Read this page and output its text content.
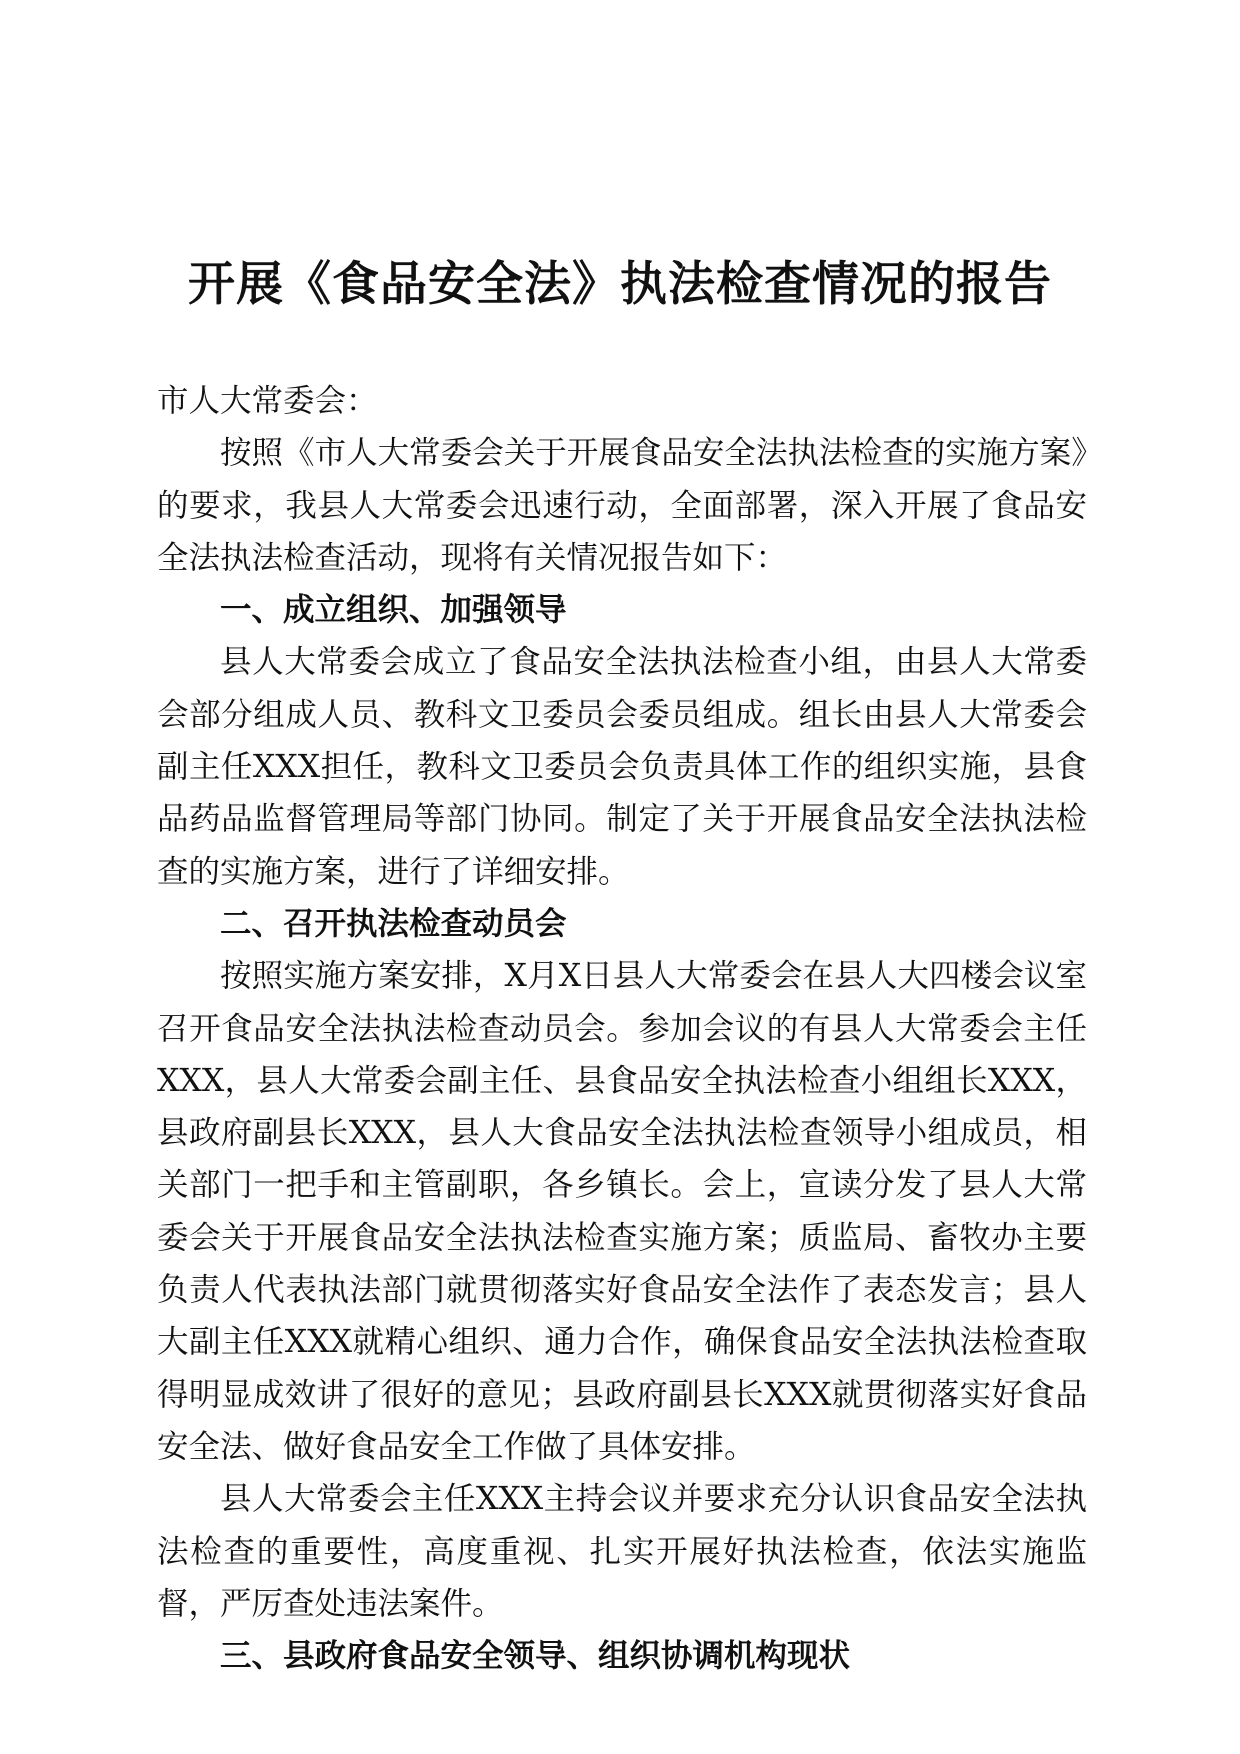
开展《食品安全法》执法检查情况的报告

市人大常委会：

按照《市人大常委会关于开展食品安全法执法检查的实施方案》的要求，我县人大常委会迅速行动，全面部署，深入开展了食品安全法执法检查活动，现将有关情况报告如下：

一、成立组织、加强领导

县人大常委会成立了食品安全法执法检查小组，由县人大常委会部分组成人员、教科文卫委员会委员组成。组长由县人大常委会副主任XXX担任，教科文卫委员会负责具体工作的组织实施，县食品药品监督管理局等部门协同。制定了关于开展食品安全法执法检查的实施方案，进行了详细安排。

二、召开执法检查动员会

按照实施方案安排，X月X日县人大常委会在县人大四楼会议室召开食品安全法执法检查动员会。参加会议的有县人大常委会主任XXX，县人大常委会副主任、县食品安全执法检查小组组长XXX，县政府副县长XXX，县人大食品安全法执法检查领导小组成员，相关部门一把手和主管副职，各乡镇长。会上，宣读分发了县人大常委会关于开展食品安全法执法检查实施方案；质监局、畜牧办主要负责人代表执法部门就贯彻落实好食品安全法作了表态发言；县人大副主任XXX就精心组织、通力合作，确保食品安全法执法检查取得明显成效讲了很好的意见；县政府副县长XXX就贯彻落实好食品安全法、做好食品安全工作做了具体安排。

县人大常委会主任XXX主持会议并要求充分认识食品安全法执法检查的重要性，高度重视、扎实开展好执法检查，依法实施监督，严厉查处违法案件。

三、县政府食品安全领导、组织协调机构现状
